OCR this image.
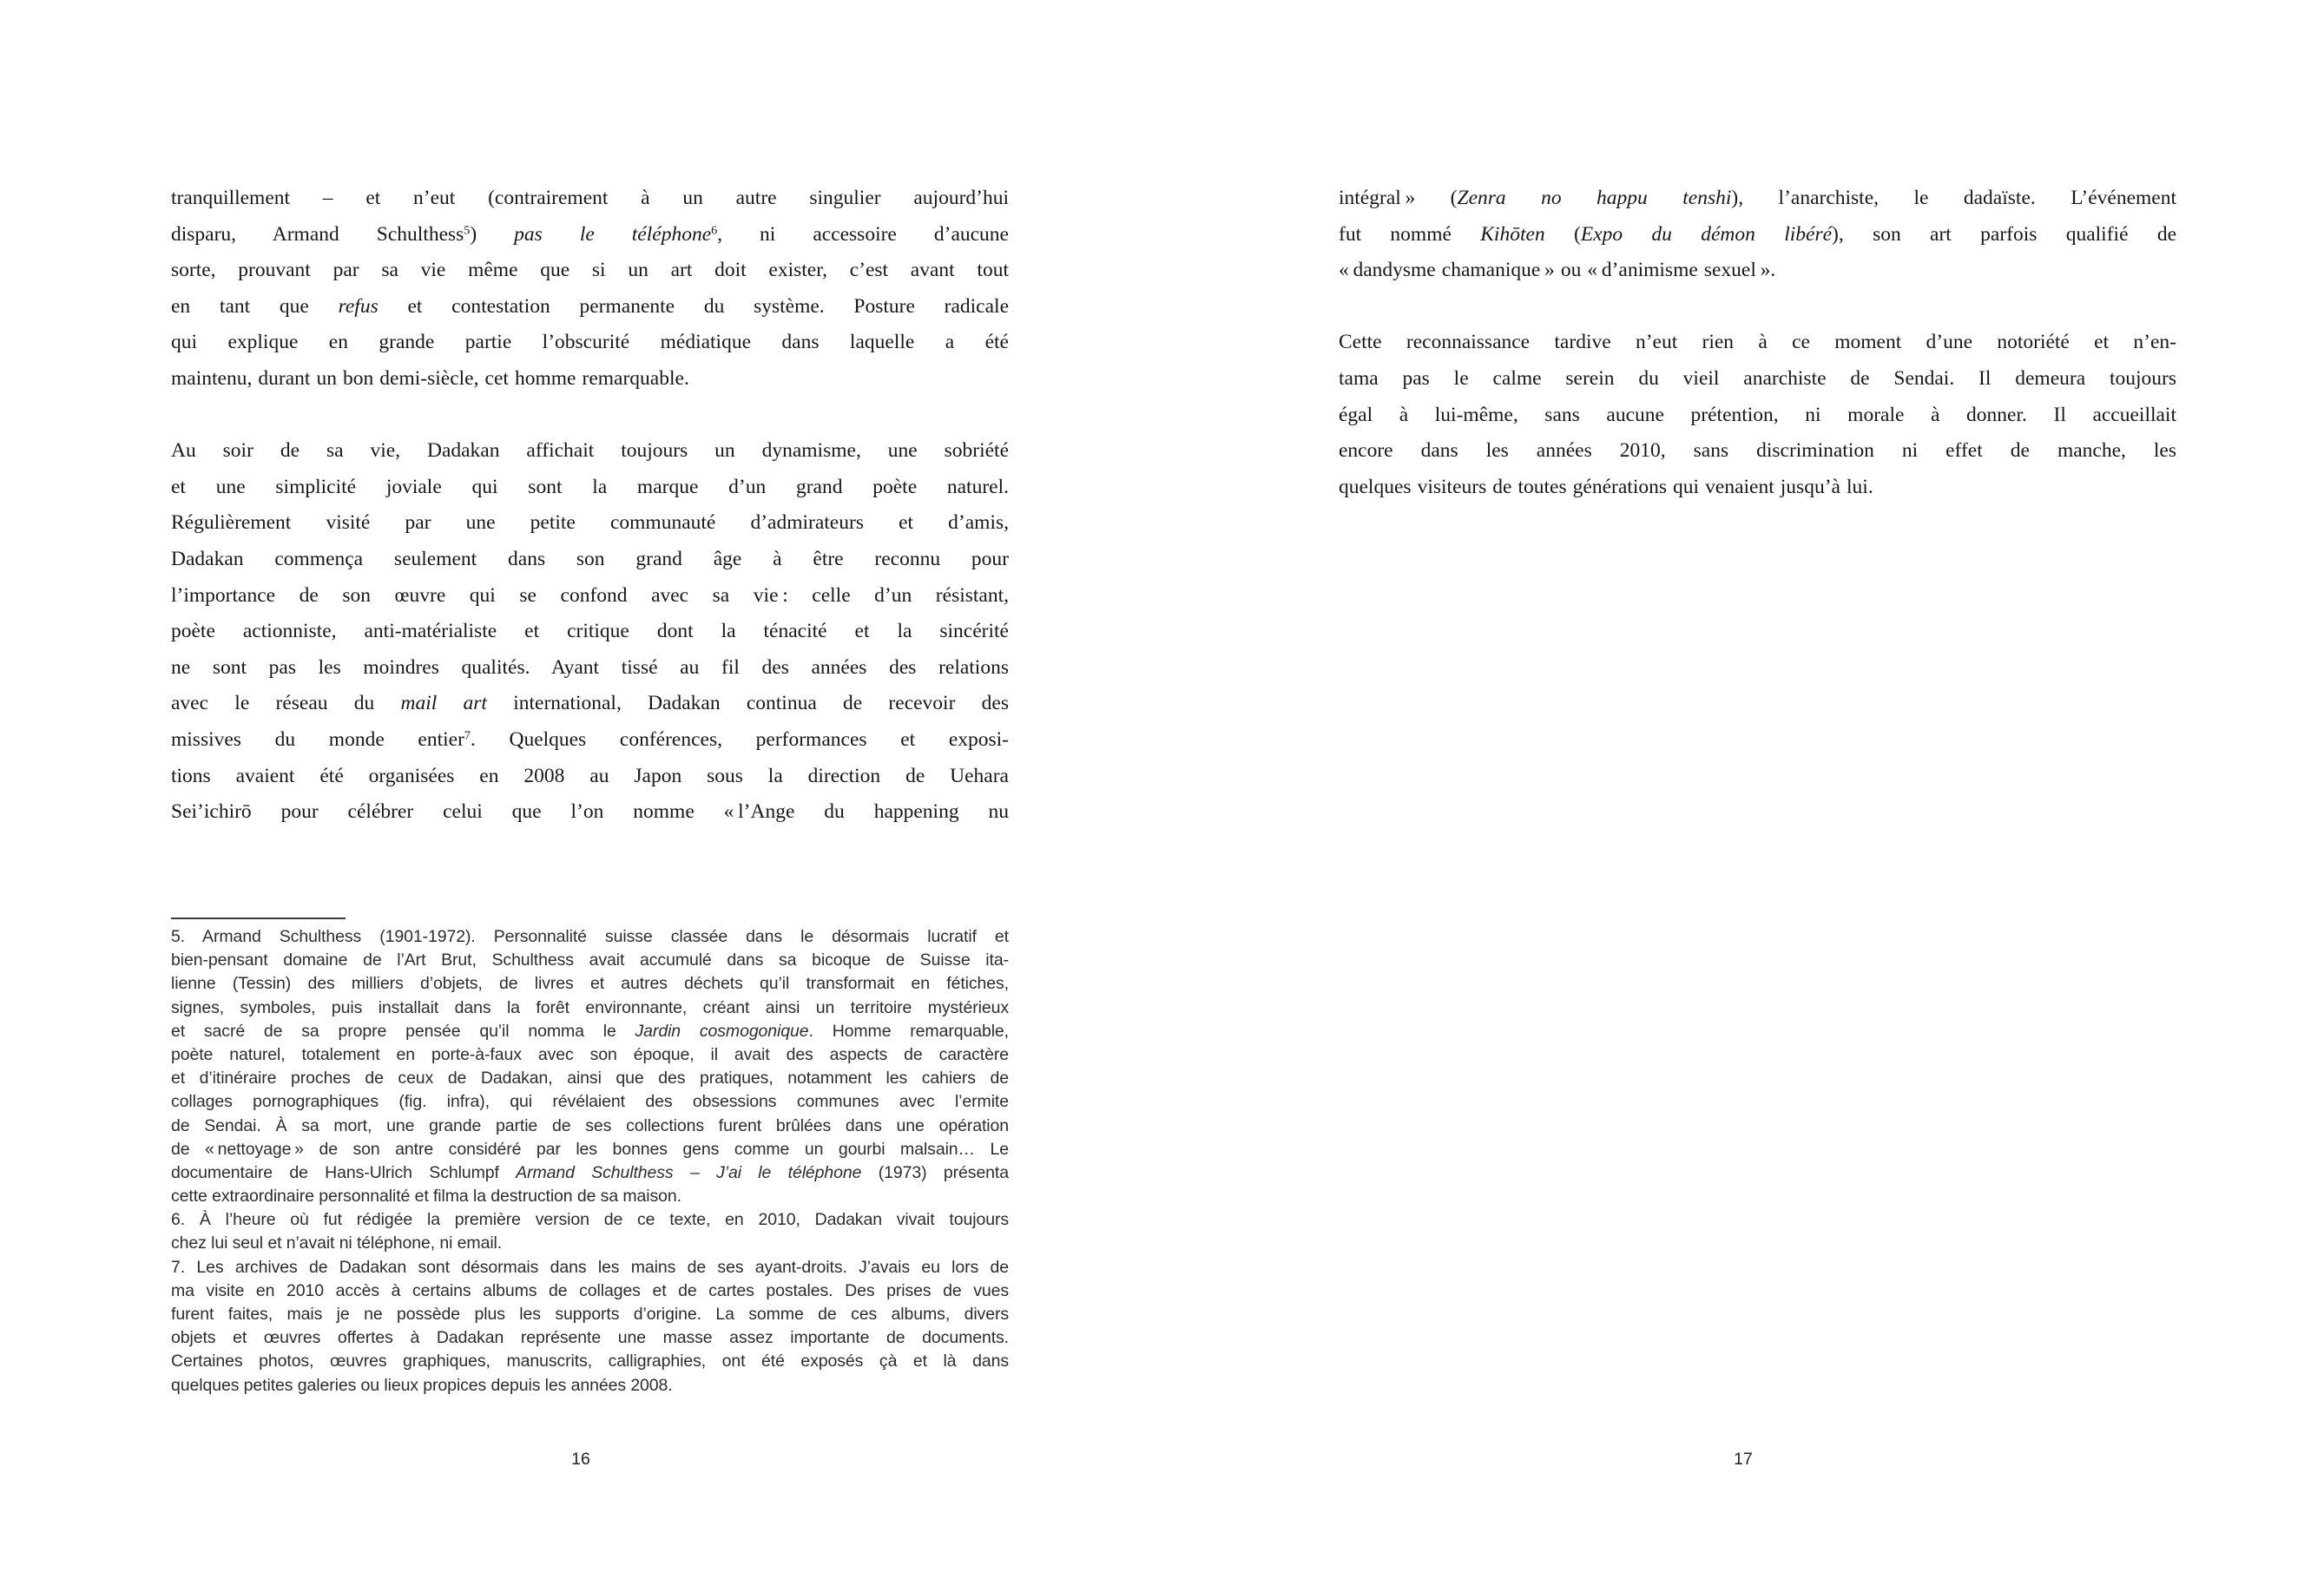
tranquillement – et n’eut (contrairement à un autre singulier aujourd’hui
disparu, Armand Schulthess$^5$) pas le téléphone$^6$, ni accessoire d’aucune
sorte, prouvant par sa vie même que si un art doit exister, c’est avant tout
en tant que refus et contestation permanente du système. Posture radicale
qui explique en grande partie l’obscurité médiatique dans laquelle a été
maintenu, durant un bon demi-siècle, cet homme remarquable.
Au soir de sa vie, Dadakan affichait toujours un dynamisme, une sobriété
et une simplicité joviale qui sont la marque d’un grand poète naturel.
Régulièrement visité par une petite communauté d’admirateurs et d’amis,
Dadakan commença seulement dans son grand âge à être reconnu pour
l’importance de son œuvre qui se confond avec sa vie : celle d’un résistant,
poète actionniste, anti-matérialiste et critique dont la ténacité et la sincérité
ne sont pas les moindres qualités. Ayant tissé au fil des années des relations
avec le réseau du mail art international, Dadakan continua de recevoir des
missives du monde entier$^7$. Quelques conférences, performances et exposi-
tions avaient été organisées en 2008 au Japon sous la direction de Uehara
Sei’ichirō pour célébrer celui que l’on nomme « l’Ange du happening nu
5. Armand Schulthess (1901-1972). Personnalité suisse classée dans le désormais lucratif et
bien-pensant domaine de l’Art Brut, Schulthess avait accumulé dans sa bicoque de Suisse ita-
lienne (Tessin) des milliers d’objets, de livres et autres déchets qu’il transformait en fétiches,
signes, symboles, puis installait dans la forêt environnante, créant ainsi un territoire mystérieux
et sacré de sa propre pensée qu’il nomma le Jardin cosmogonique. Homme remarquable,
poète naturel, totalement en porte-à-faux avec son époque, il avait des aspects de caractère
et d’itinéraire proches de ceux de Dadakan, ainsi que des pratiques, notamment les cahiers de
collages pornographiques (fig. infra), qui révélaient des obsessions communes avec l’ermite
de Sendai. À sa mort, une grande partie de ses collections furent brûlées dans une opération
de « nettoyage » de son antre considéré par les bonnes gens comme un gourbi malsain… Le
documentaire de Hans-Ulrich Schlumpf Armand Schulthess – J’ai le téléphone (1973) présenta
cette extraordinaire personnalité et filma la destruction de sa maison.
6. À l’heure où fut rédigée la première version de ce texte, en 2010, Dadakan vivait toujours
chez lui seul et n’avait ni téléphone, ni email.
7. Les archives de Dadakan sont désormais dans les mains de ses ayant-droits. J’avais eu lors de
ma visite en 2010 accès à certains albums de collages et de cartes postales. Des prises de vues
furent faites, mais je ne possède plus les supports d’origine. La somme de ces albums, divers
objets et œuvres offertes à Dadakan représente une masse assez importante de documents.
Certaines photos, œuvres graphiques, manuscrits, calligraphies, ont été exposés çà et là dans
quelques petites galeries ou lieux propices depuis les années 2008.
16
intégral » (Zenra no happu tenshi), l’anarchiste, le dadaïste. L’événement
fut nommé Kihōten (Expo du démon libéré), son art parfois qualifié de
« dandysme chamanique » ou « d’animisme sexuel ».
Cette reconnaissance tardive n’eut rien à ce moment d’une notoriété et n’en-
tama pas le calme serein du vieil anarchiste de Sendai. Il demeura toujours
égal à lui-même, sans aucune prétention, ni morale à donner. Il accueillait
encore dans les années 2010, sans discrimination ni effet de manche, les
quelques visiteurs de toutes générations qui venaient jusqu’à lui.
17
